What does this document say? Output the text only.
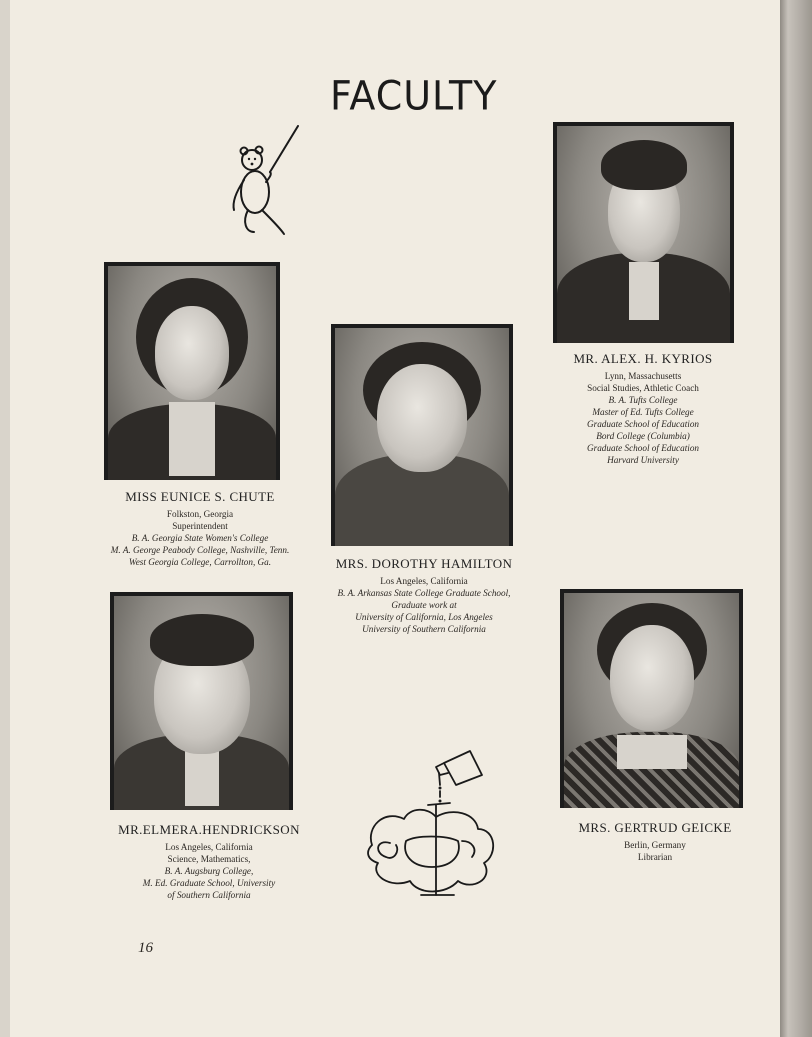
FACULTY
MR. ALEX. H. KYRIOS
Lynn, Massachusetts
Social Studies, Athletic Coach
B. A. Tufts College
Master of Ed. Tufts College
Graduate School of Education
Bord College (Columbia)
Graduate School of Education
Harvard University
MISS EUNICE S. CHUTE
Folkston, Georgia
Superintendent
B. A. Georgia State Women's College
M. A. George Peabody College, Nashville, Tenn.
West Georgia College, Carrollton, Ga.	MRS. DOROTHY HAMILTON
Los Angeles, California
B. A. Arkansas State College Graduate School,
Graduate work at
University of California, Los Angeles
University of Southern California
MR.ELMERA.HENDRICKSON
Los Angeles, California
Science, Mathematics,
B. A. Augsburg College,
M. Ed. Graduate School, University
of Southern California
MRS. GERTRUD GEICKE
Berlin, Germany
Librarian
16
